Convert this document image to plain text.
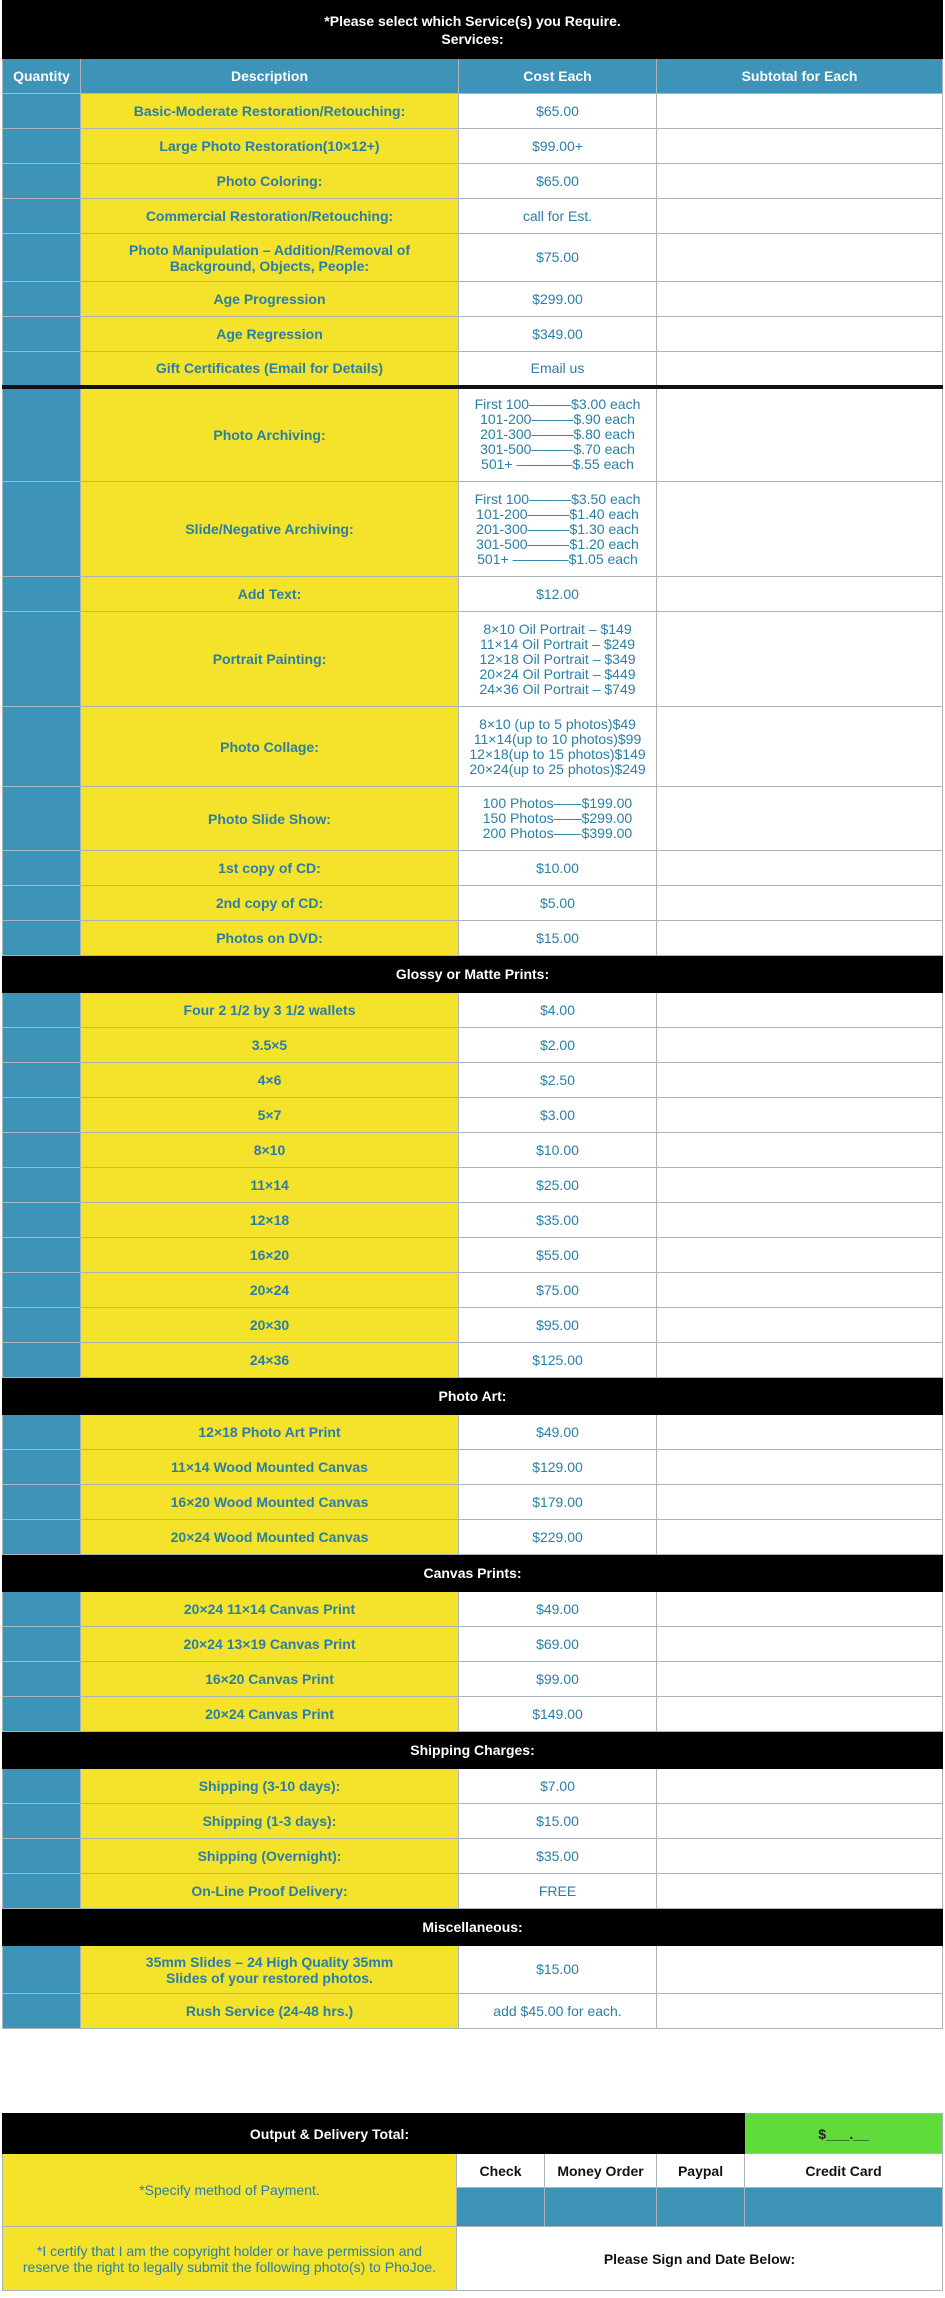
*Please select which Service(s) you Require.
Services:			

Quantity	Description	Cost Each	Subtotal for Each

	Basic-Moderate Restoration/Retouching:	$65.00	

	Large Photo Restoration(10×12+)	$99.00+	

	Photo Coloring:	$65.00	

	Commercial Restoration/Retouching:	call for Est.	

	Photo Manipulation – Addition/Removal of
Background, Objects, People:	$75.00	

	Age Progression	$299.00	

	Age Regression	$349.00	

	Gift Certificates (Email for Details)	Email us	

	Photo Archiving:	First 100———$3.00 each
101-200———$.90 each
201-300———$.80 each
301-500———$.70 each
501+ ————$.55 each	

	Slide/Negative Archiving:	First 100———$3.50 each
101-200———$1.40 each
201-300———$1.30 each
301-500———$1.20 each
501+ ————$1.05 each	

	Add Text:	$12.00	

	Portrait Painting:	8×10 Oil Portrait – $149
11×14 Oil Portrait – $249
12×18 Oil Portrait – $349
20×24 Oil Portrait – $449
24×36 Oil Portrait – $749	

	Photo Collage:	8×10 (up to 5 photos)$49
11×14(up to 10 photos)$99
12×18(up to 15 photos)$149
20×24(up to 25 photos)$249	

	Photo Slide Show:	100 Photos——$199.00
150 Photos——$299.00
200 Photos——$399.00	

	1st copy of CD:	$10.00	

	2nd copy of CD:	$5.00	

	Photos on DVD:	$15.00	

Glossy or Matte Prints:			

	Four 2 1/2 by 3 1/2 wallets	$4.00	

	3.5×5	$2.00	

	4×6	$2.50	

	5×7	$3.00	

	8×10	$10.00	

	11×14	$25.00	

	12×18	$35.00	

	16×20	$55.00	

	20×24	$75.00	

	20×30	$95.00	

	24×36	$125.00	

Photo Art:			

	12×18 Photo Art Print	$49.00	

	11×14 Wood Mounted Canvas	$129.00	

	16×20 Wood Mounted Canvas	$179.00	

	20×24 Wood Mounted Canvas	$229.00	

Canvas Prints:			

	20×24 11×14 Canvas Print	$49.00	

	20×24 13×19 Canvas Print	$69.00	

	16×20 Canvas Print	$99.00	

	20×24 Canvas Print	$149.00	

Shipping Charges:			

	Shipping (3-10 days):	$7.00	

	Shipping (1-3 days):	$15.00	

	Shipping (Overnight):	$35.00	

	On-Line Proof Delivery:	FREE	

Miscellaneous:			

	35mm Slides – 24 High Quality 35mm
Slides of your restored photos.	$15.00	

	Rush Service (24-48 hrs.)	add $45.00 for each.	

Output & Delivery Total:				$___.__
*Specify method of Payment.	Check	Money Order	Paypal	Credit Card

*I certify that I am the copyright holder or have permission and reserve the right to legally submit the following photo(s) to PhoJoe.	Please Sign and Date Below:			
